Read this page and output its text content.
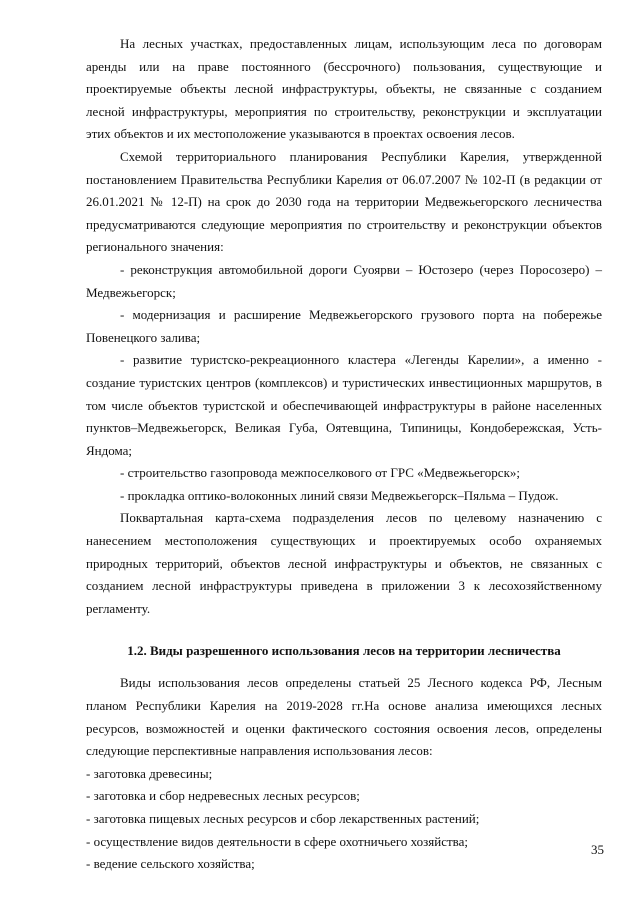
На лесных участках, предоставленных лицам, использующим леса по договорам аренды или на праве постоянного (бессрочного) пользования, существующие и проектируемые объекты лесной инфраструктуры, объекты, не связанные с созданием лесной инфраструктуры, мероприятия по строительству, реконструкции и эксплуатации этих объектов и их местоположение указываются в проектах освоения лесов.

Схемой территориального планирования Республики Карелия, утвержденной постановлением Правительства Республики Карелия от 06.07.2007 № 102-П (в редакции от 26.01.2021 № 12-П) на срок до 2030 года на территории Медвежьегорского лесничества предусматриваются следующие мероприятия по строительству и реконструкции объектов регионального значения:

- реконструкция автомобильной дороги Суоярви – Юстозеро (через Поросозеро) – Медвежьегорск;

- модернизация и расширение Медвежьегорского грузового порта на побережье Повенецкого залива;

- развитие туристско-рекреационного кластера «Легенды Карелии», а именно - создание туристских центров (комплексов) и туристических инвестиционных маршрутов, в том числе объектов туристской и обеспечивающей инфраструктуры в районе населенных пунктов–Медвежьегорск, Великая Губа, Оятевщина, Типиницы, Кондобережская, Усть-Яндома;

- строительство газопровода межпоселкового от ГРС «Медвежьегорск»;

- прокладка оптико-волоконных линий связи Медвежьегорск–Пяльма – Пудож.

Поквартальная карта-схема подразделения лесов по целевому назначению с нанесением местоположения существующих и проектируемых особо охраняемых природных территорий, объектов лесной инфраструктуры и объектов, не связанных с созданием лесной инфраструктуры приведена в приложении 3 к лесохозяйственному регламенту.

1.2. Виды разрешенного использования лесов на территории лесничества

Виды использования лесов определены статьей 25 Лесного кодекса РФ, Лесным планом Республики Карелия на 2019-2028 гг.На основе анализа имеющихся лесных ресурсов, возможностей и оценки фактического состояния освоения лесов, определены следующие перспективные направления использования лесов:

- заготовка древесины;

- заготовка и сбор недревесных лесных ресурсов;

- заготовка пищевых лесных ресурсов и сбор лекарственных растений;

- осуществление видов деятельности в сфере охотничьего хозяйства;

- ведение сельского хозяйства;

35
